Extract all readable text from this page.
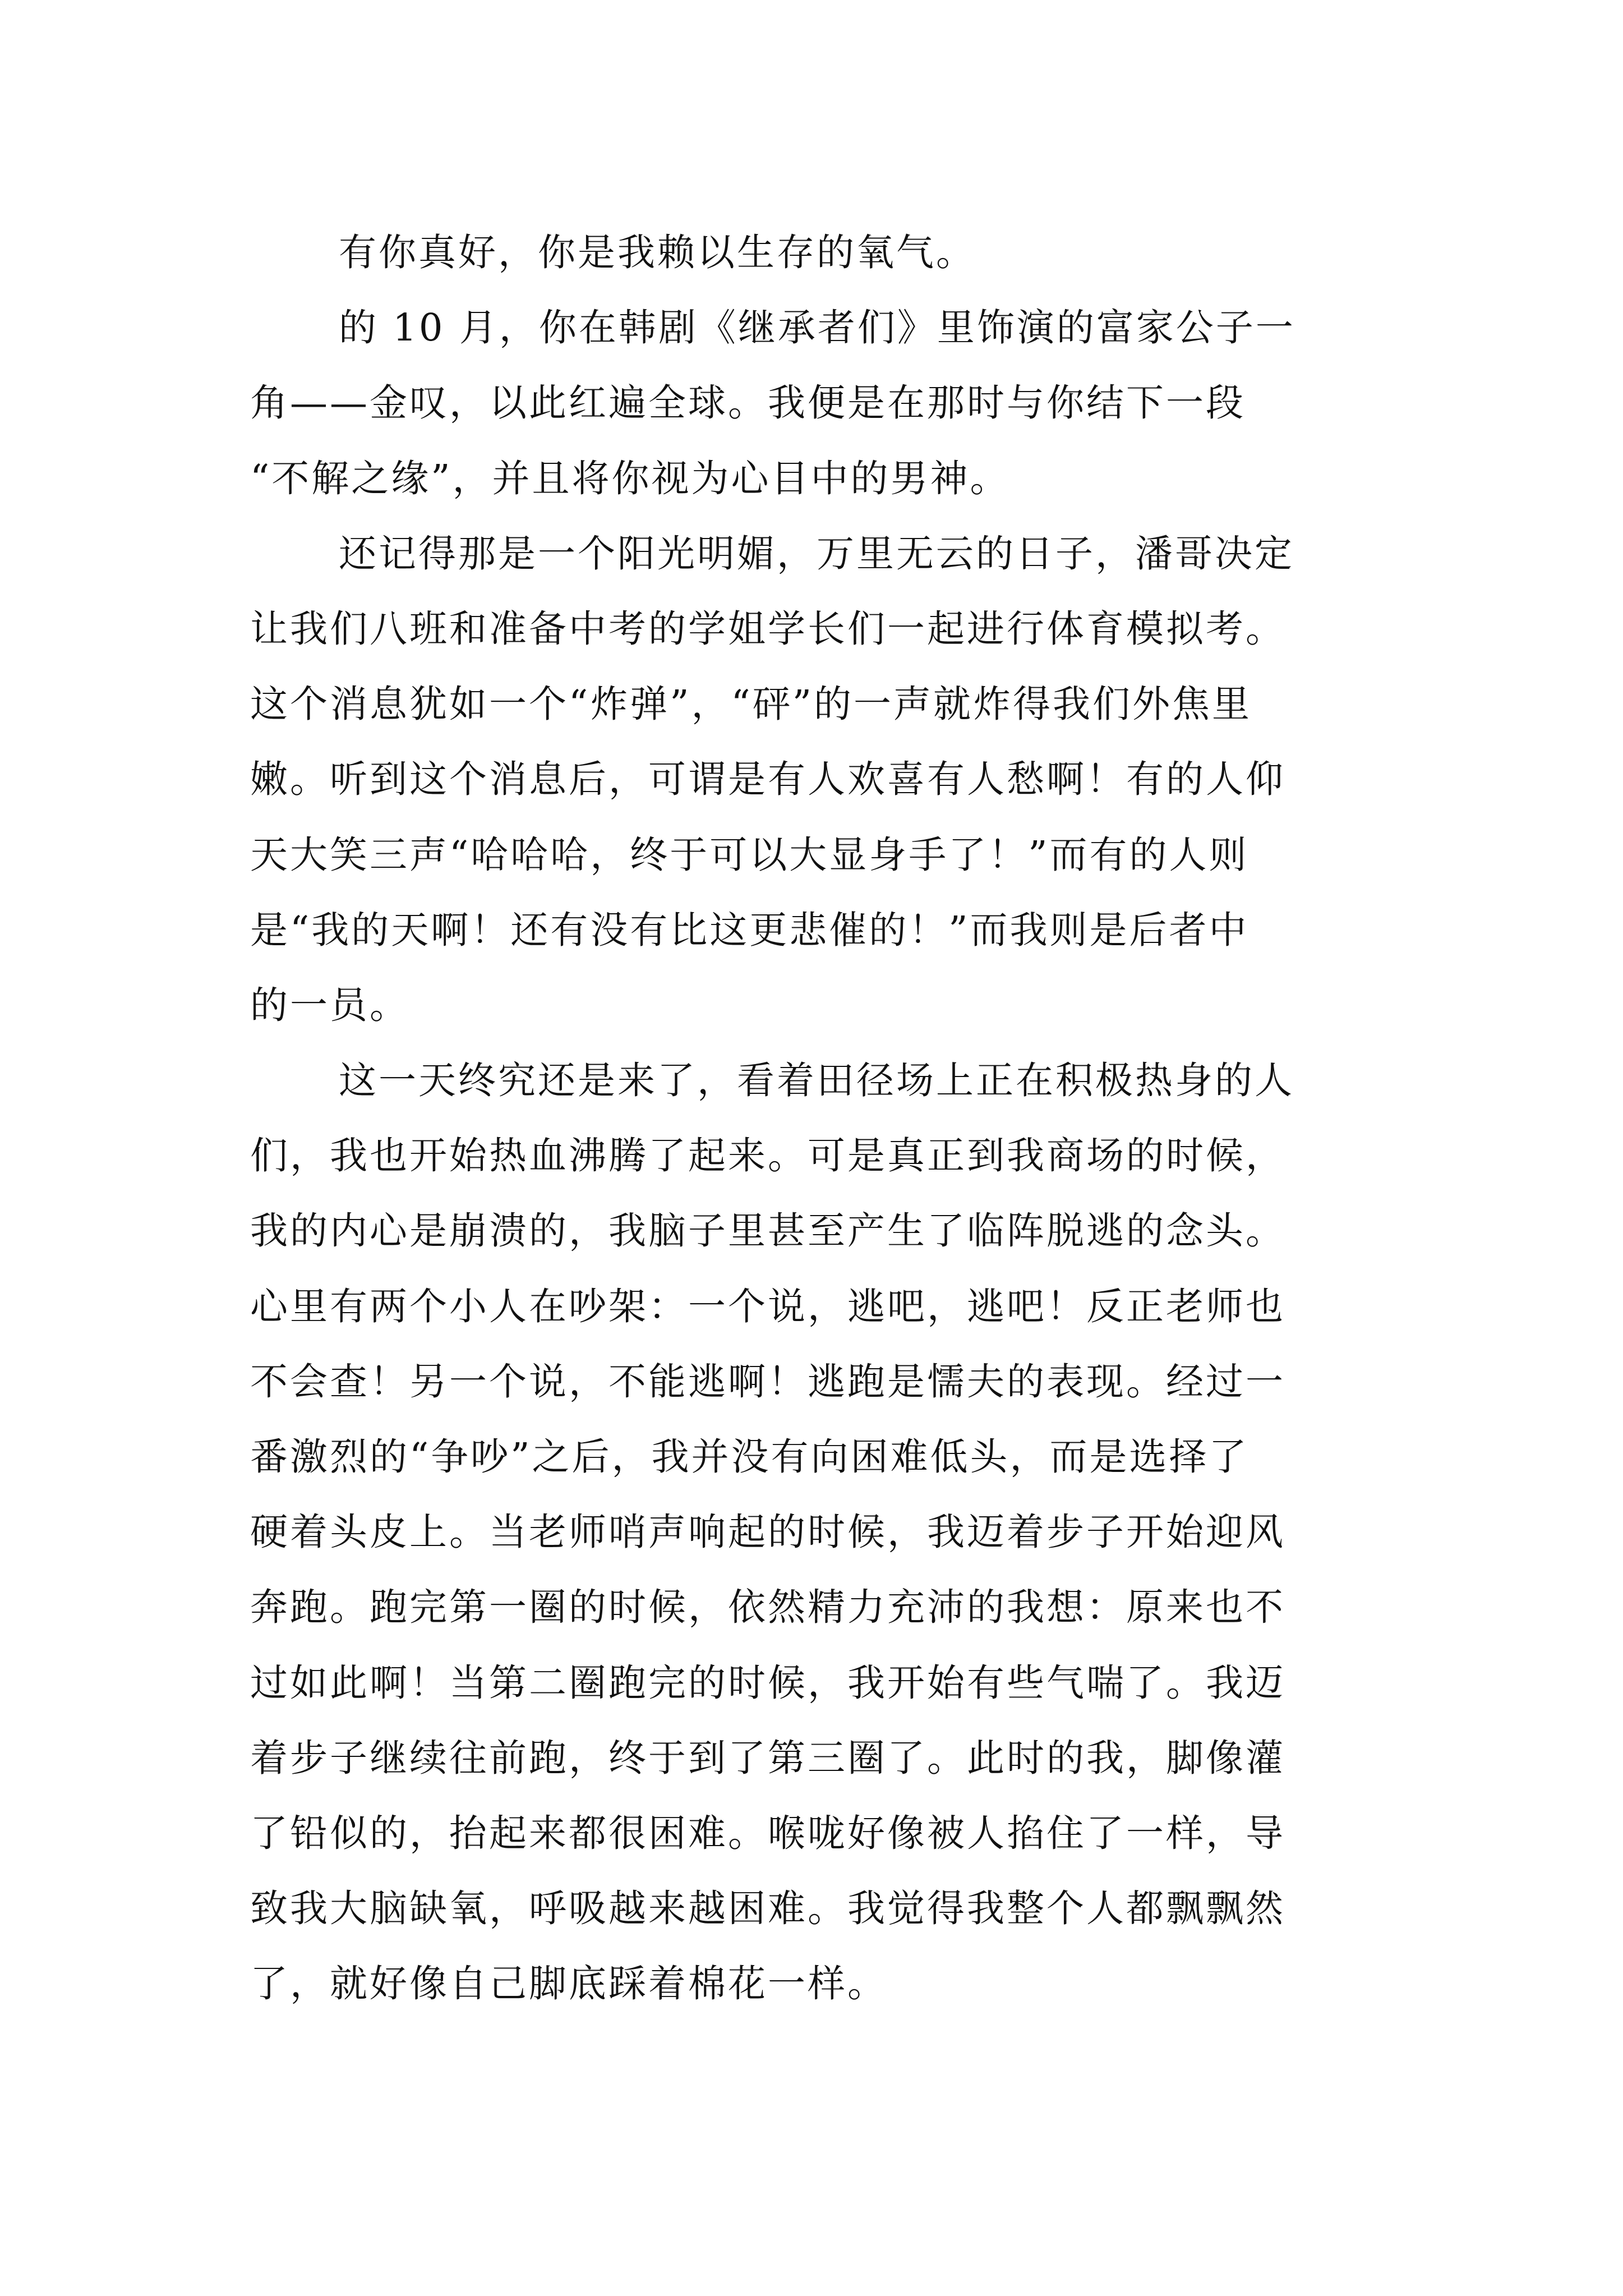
有你真好，你是我赖以生存的氧气。
的 10 月，你在韩剧《继承者们》里饰演的富家公子一
角——金叹，以此红遍全球。我便是在那时与你结下一段
“不解之缘”，并且将你视为心目中的男神。
还记得那是一个阳光明媚，万里无云的日子，潘哥决定
让我们八班和准备中考的学姐学长们一起进行体育模拟考。
这个消息犹如一个“炸弹”，“砰”的一声就炸得我们外焦里
嫩。听到这个消息后，可谓是有人欢喜有人愁啊！有的人仰
天大笑三声“哈哈哈，终于可以大显身手了！”而有的人则
是“我的天啊！还有没有比这更悲催的！”而我则是后者中
的一员。
这一天终究还是来了，看着田径场上正在积极热身的人
们，我也开始热血沸腾了起来。可是真正到我商场的时候，
我的内心是崩溃的，我脑子里甚至产生了临阵脱逃的念头。
心里有两个小人在吵架：一个说，逃吧，逃吧！反正老师也
不会查！另一个说，不能逃啊！逃跑是懦夫的表现。经过一
番激烈的“争吵”之后，我并没有向困难低头，而是选择了
硬着头皮上。当老师哨声响起的时候，我迈着步子开始迎风
奔跑。跑完第一圈的时候，依然精力充沛的我想：原来也不
过如此啊！当第二圈跑完的时候，我开始有些气喘了。我迈
着步子继续往前跑，终于到了第三圈了。此时的我，脚像灌
了铅似的，抬起来都很困难。喉咙好像被人掐住了一样，导
致我大脑缺氧，呼吸越来越困难。我觉得我整个人都飘飘然
了，就好像自己脚底踩着棉花一样。
